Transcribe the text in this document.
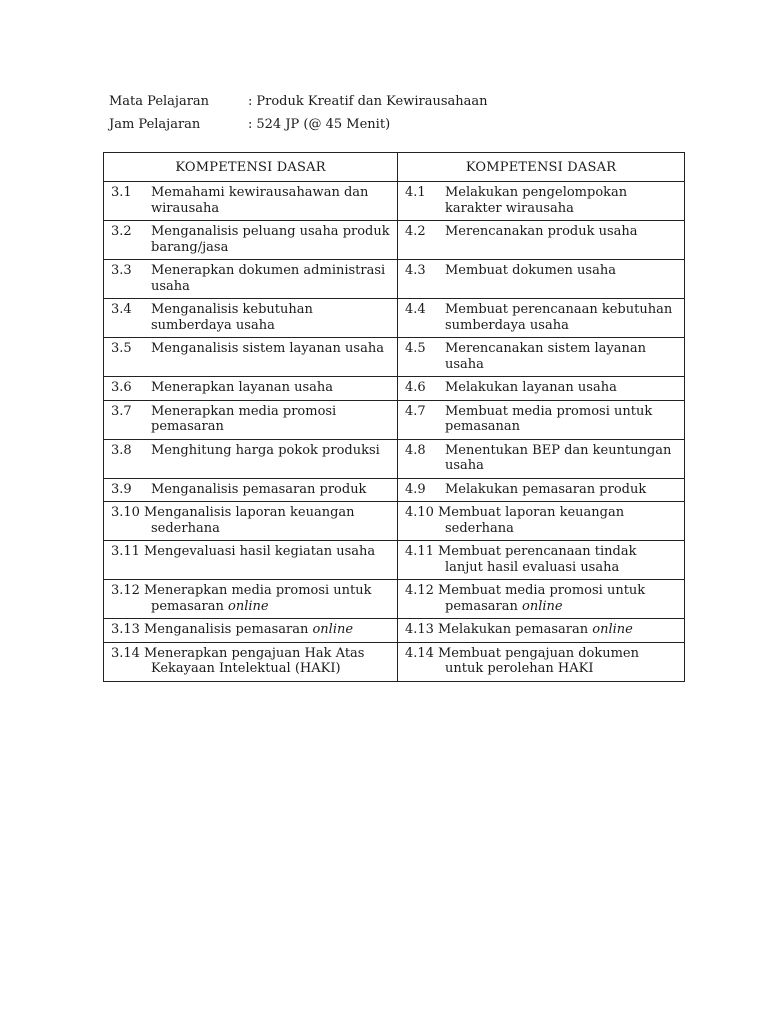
Mata Pelajaran	: Produk Kreatif dan Kewirausahaan
Jam Pelajaran	: 524 JP (@ 45 Menit)
KOMPETENSI DASAR	KOMPETENSI DASAR

3.1 Memahami kewirausahawan dan wirausaha	4.1 Melakukan pengelompokan karakter wirausaha

3.2 Menganalisis peluang usaha produk barang/jasa	4.2 Merencanakan produk usaha

3.3 Menerapkan dokumen administrasi usaha	4.3 Membuat dokumen usaha

3.4 Menganalisis kebutuhan sumberdaya usaha	4.4 Membuat perencanaan kebutuhan sumberdaya usaha

3.5 Menganalisis sistem layanan usaha	4.5 Merencanakan sistem layanan usaha

3.6 Menerapkan layanan usaha	4.6 Melakukan layanan usaha

3.7 Menerapkan media promosi pemasaran	4.7 Membuat media promosi untuk pemasanan

3.8 Menghitung harga pokok produksi	4.8 Menentukan BEP dan keuntungan usaha

3.9 Menganalisis pemasaran produk	4.9 Melakukan pemasaran produk

3.10 Menganalisis laporan keuangan sederhana	4.10 Membuat laporan keuangan sederhana

3.11 Mengevaluasi hasil kegiatan usaha	4.11 Membuat perencanaan tindak lanjut hasil evaluasi usaha

3.12 Menerapkan media promosi untuk pemasaran online	4.12 Membuat media promosi untuk pemasaran online

3.13 Menganalisis pemasaran online	4.13 Melakukan pemasaran online

3.14 Menerapkan pengajuan Hak Atas Kekayaan Intelektual (HAKI)	4.14 Membuat pengajuan dokumen untuk perolehan HAKI
